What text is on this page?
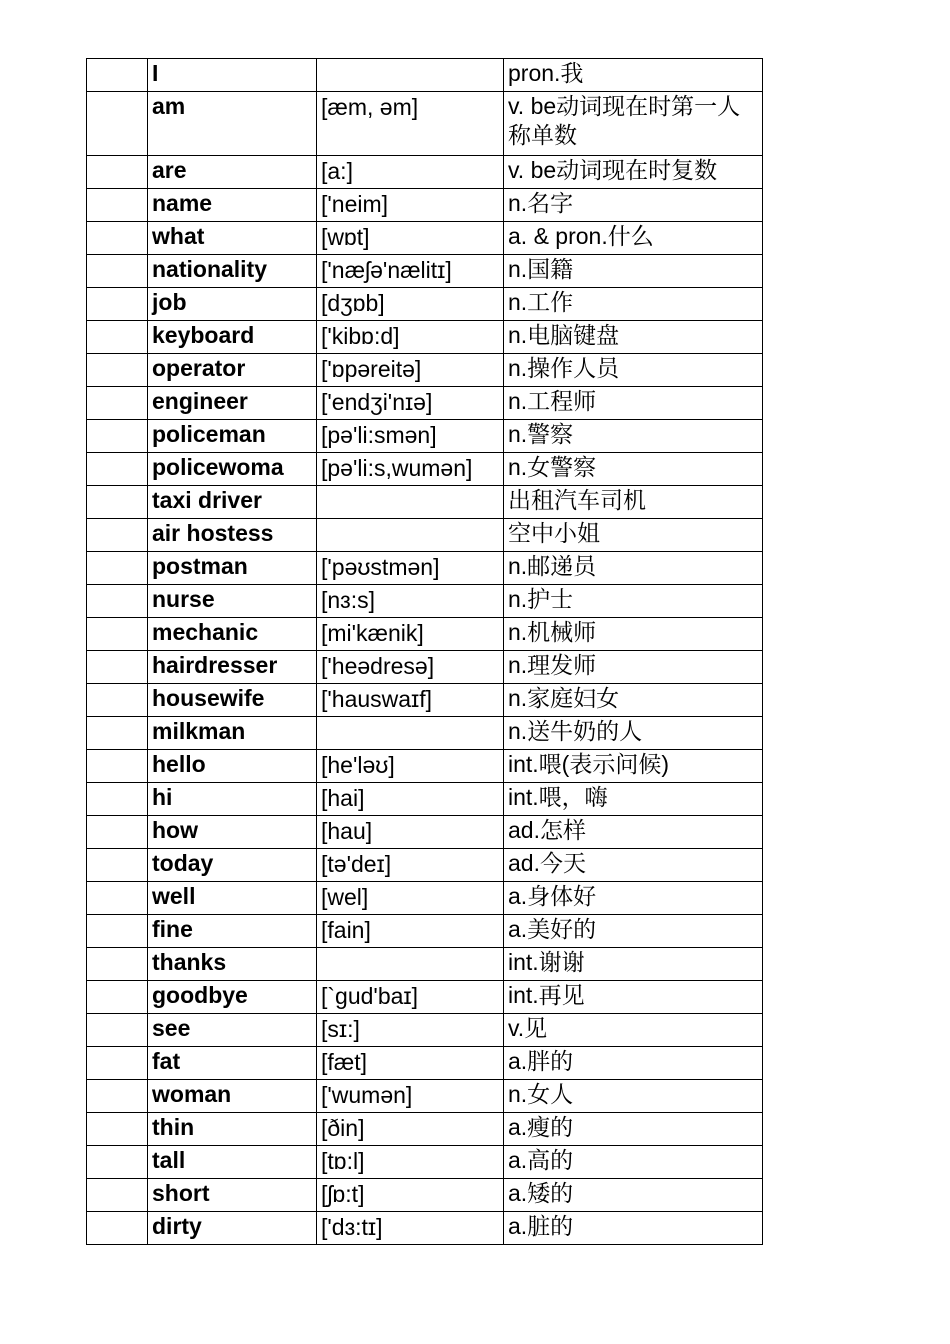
	I		pron.我
	am	[æm, əm]	v. be动词现在时第一人称单数
	are	[a:]	v. be动词现在时复数
	name	['neim]	n.名字
	what	[wɒt]	a. & pron.什么
	nationality	['næʃə'nælitɪ]	n.国籍
	job	[dʒɒb]	n.工作
	keyboard	['kibɒ:d]	n.电脑键盘
	operator	['ɒpəreitə]	n.操作人员
	engineer	['endʒi'nɪə]	n.工程师
	policeman	[pə'li:smən]	n.警察
	policewoma	[pə'li:s,wumən]	n.女警察
	taxi driver		出租汽车司机
	air hostess		空中小姐
	postman	['pəʊstmən]	n.邮递员
	nurse	[nɜ:s]	n.护士
	mechanic	[mi'kænik]	n.机械师
	hairdresser	['heədresə]	n.理发师
	housewife	['hauswaɪf]	n.家庭妇女
	milkman		n.送牛奶的人
	hello	[he'ləʊ]	int.喂(表示问候)
	hi	[hai]	int.喂，嗨
	how	[hau]	ad.怎样
	today	[tə'deɪ]	ad.今天
	well	[wel]	a.身体好
	fine	[fain]	a.美好的
	thanks		int.谢谢
	goodbye	[`gud'baɪ]	int.再见
	see	[sɪ:]	v.见
	fat	[fæt]	a.胖的
	woman	['wumən]	n.女人
	thin	[ðin]	a.瘦的
	tall	[tɒ:l]	a.高的
	short	[ʃɒ:t]	a.矮的
	dirty	['dɜ:tɪ]	a.脏的
